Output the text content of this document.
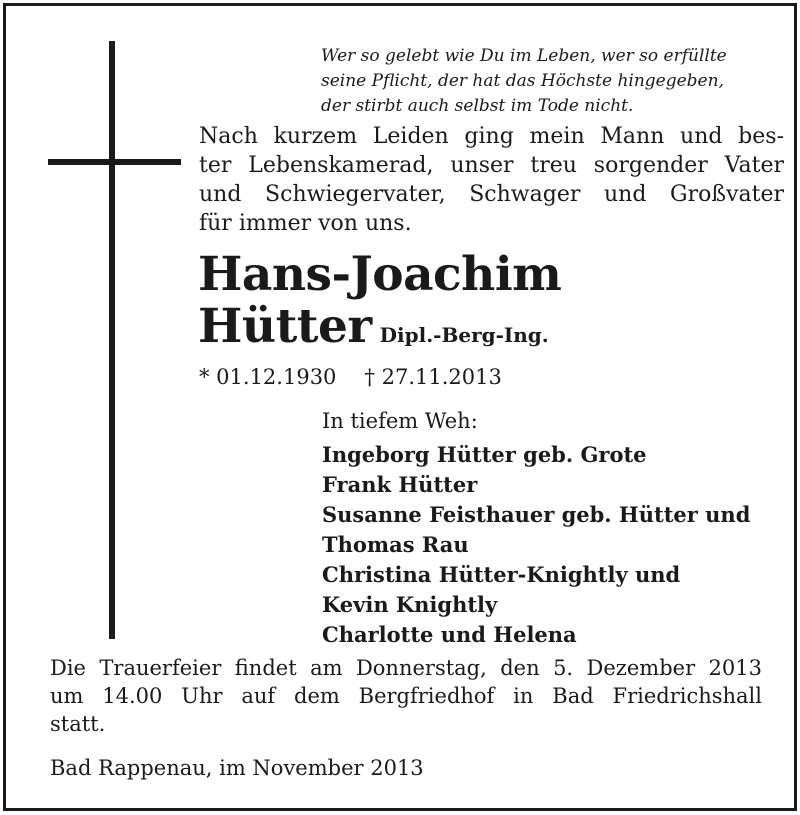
Wer so gelebt wie Du im Leben, wer so erfüllte
seine Pflicht, der hat das Höchste hingegeben,
der stirbt auch selbst im Tode nicht.
Nach kurzem Leiden ging mein Mann und bes-
ter Lebenskamerad, unser treu sorgender Vater
und Schwiegervater, Schwager und Großvater
für immer von uns.
Hans-Joachim
Hütter Dipl.-Berg-Ing.
* 01.12.1930 † 27.11.2013
In tiefem Weh:
Ingeborg Hütter geb. Grote
Frank Hütter
Susanne Feisthauer geb. Hütter und
Thomas Rau
Christina Hütter-Knightly und
Kevin Knightly
Charlotte und Helena
Die Trauerfeier findet am Donnerstag, den 5. Dezember 2013
um 14.00 Uhr auf dem Bergfriedhof in Bad Friedrichshall
statt.
Bad Rappenau, im November 2013
